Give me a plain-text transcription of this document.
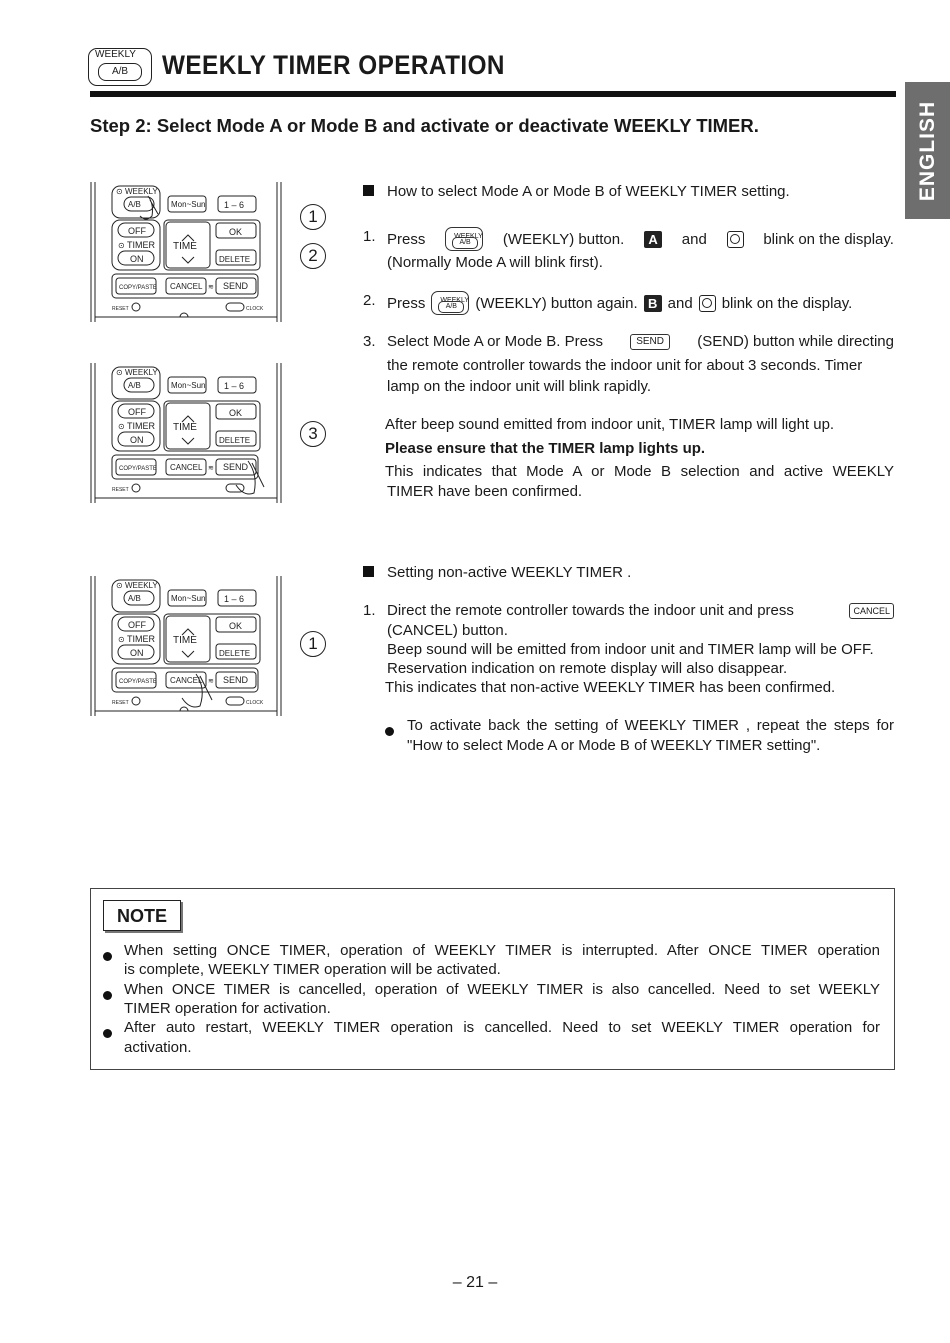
WEEKLY
A/B	WEEKLY TIMER OPERATION
ENGLISH
Step 2: Select Mode A or Mode B and activate or deactivate WEEKLY TIMER.
⊙ WEEKLY
A/B	Mon~Sun 1 – 6
OFF
⊙ TIMER
ON
TIME
OK
DELETE
COPY/PASTE CANCEL ≋ SEND
RESET	CLOCK
⊙ WEEKLY
A/B	Mon~Sun 1 – 6
OFF
⊙ TIMER
ON
TIME
OK
DELETE
COPY/PASTE CANCEL ≋ SEND
RESET
⊙ WEEKLY
A/B	Mon~Sun 1 – 6
OFF
⊙ TIMER
ON
TIME
OK
DELETE
COPY/PASTE CANCEL ≋ SEND
RESET	CLOCK
1
2
3
1
How to select Mode A or Mode B of WEEKLY TIMER setting.
1. Press	WEEKLY
A/B	(WEEKLY) button.	A and	blink on the display.
(Normally Mode A will blink first).
2. Press WEEKLY
A/B	(WEEKLY) button again. B and blink on the display.
3. Select Mode A or Mode B. Press	SEND	(SEND) button while directing
the remote controller towards the indoor unit for about 3 seconds. Timer
lamp on the indoor unit will blink rapidly.
After beep sound emitted from indoor unit, TIMER lamp will light up.
Please ensure that the TIMER lamp lights up.
This indicates that Mode A or Mode B selection and active WEEKLY
TIMER have been confirmed.
Setting non-active WEEKLY TIMER .
1. Direct the remote controller towards the indoor unit and press	CANCEL
(CANCEL) button.
Beep sound will be emitted from indoor unit and TIMER lamp will be OFF.
Reservation indication on remote display will also disappear.
This indicates that non-active WEEKLY TIMER has been confirmed.
To activate back the setting of WEEKLY TIMER , repeat the steps for
"How to select Mode A or Mode B of WEEKLY TIMER setting".
NOTE
When setting ONCE TIMER, operation of WEEKLY TIMER is interrupted. After ONCE TIMER operation
is complete, WEEKLY TIMER operation will be activated.
When ONCE TIMER is cancelled, operation of WEEKLY TIMER is also cancelled. Need to set WEEKLY
TIMER operation for activation.
After auto restart, WEEKLY TIMER operation is cancelled. Need to set WEEKLY TIMER operation for
activation.
– 21 –
